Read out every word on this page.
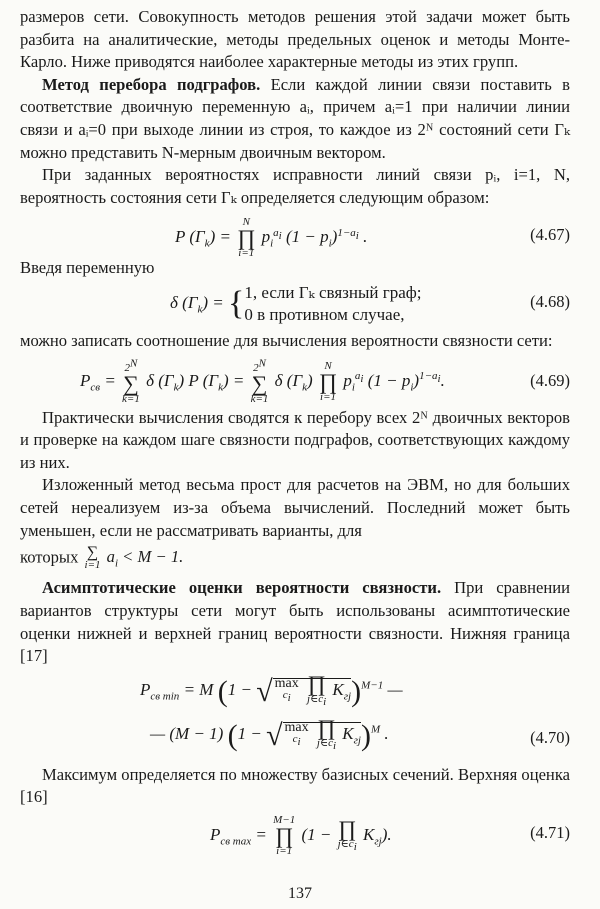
размеров сети. Совокупность методов решения этой задачи может быть разбита на аналитические, методы предельных оценок и методы Монте-Карло. Ниже приводятся наиболее характерные методы из этих групп.

Метод перебора подграфов. Если каждой линии связи поставить в соответствие двоичную переменную aᵢ, причем aᵢ=1 при наличии линии связи и aᵢ=0 при выходе линии из строя, то каждое из 2ᴺ состояний сети Γₖ можно представить N-мерным двоичным вектором.

При заданных вероятностях исправности линий связи pᵢ, i=1, N, вероятность состояния сети Γₖ определяется следующим образом:

P $(\Gamma_k) = N$
∏
i=1 $p_i^{a_i}$ $(1 - p_i)^{1-a_i}$ .	(4.67)

Введя переменную

δ $(\Gamma_k) = \{1$, если Γₖ связный граф;
0 в противном случае,
(4.68)

можно записать соотношение для вычисления вероятности связности сети:

$P_{св} = 2^N$
∑
k=1 δ $(\Gamma_k)$ P $(\Gamma_k) = 2^N$
∑
k=1 δ $(\Gamma_k)$ N
∏
i=1 $p_i^{a_i}$ $(1 - p_i)^{1-a_i}$.	(4.69)

Практически вычисления сводятся к перебору всех 2ᴺ двоичных векторов и проверке на каждом шаге связности подграфов, соответствующих каждому из них.

Изложенный метод весьма прост для расчетов на ЭВМ, но для больших сетей нереализуем из-за объема вычислений. Последний может быть уменьшен, если не рассматривать варианты, для

которых ∑
i=1 $a_i < M - 1$.

Асимптотические оценки вероятности связности. При сравнении вариантов структуры сети могут быть использованы асимптотические оценки нижней и верхней границ вероятности связности. Нижняя граница [17]

$P_{св min} = M$ (1 − √ max
$c_i$ ∏
$j\in c_i$ $K_{гj})^{M-1}$ —
— (M − 1) (1 − √ max
$c_i$ ∏
$j\in c_i$ $K_{гj})^M$ .	(4.70)

Максимум определяется по множеству базисных сечений. Верхняя оценка [16]

$P_{св max} = M-1$
∏
i=1 (1 − ∏
$j\in c_i$ $K_{гj}$).	(4.71)
137
